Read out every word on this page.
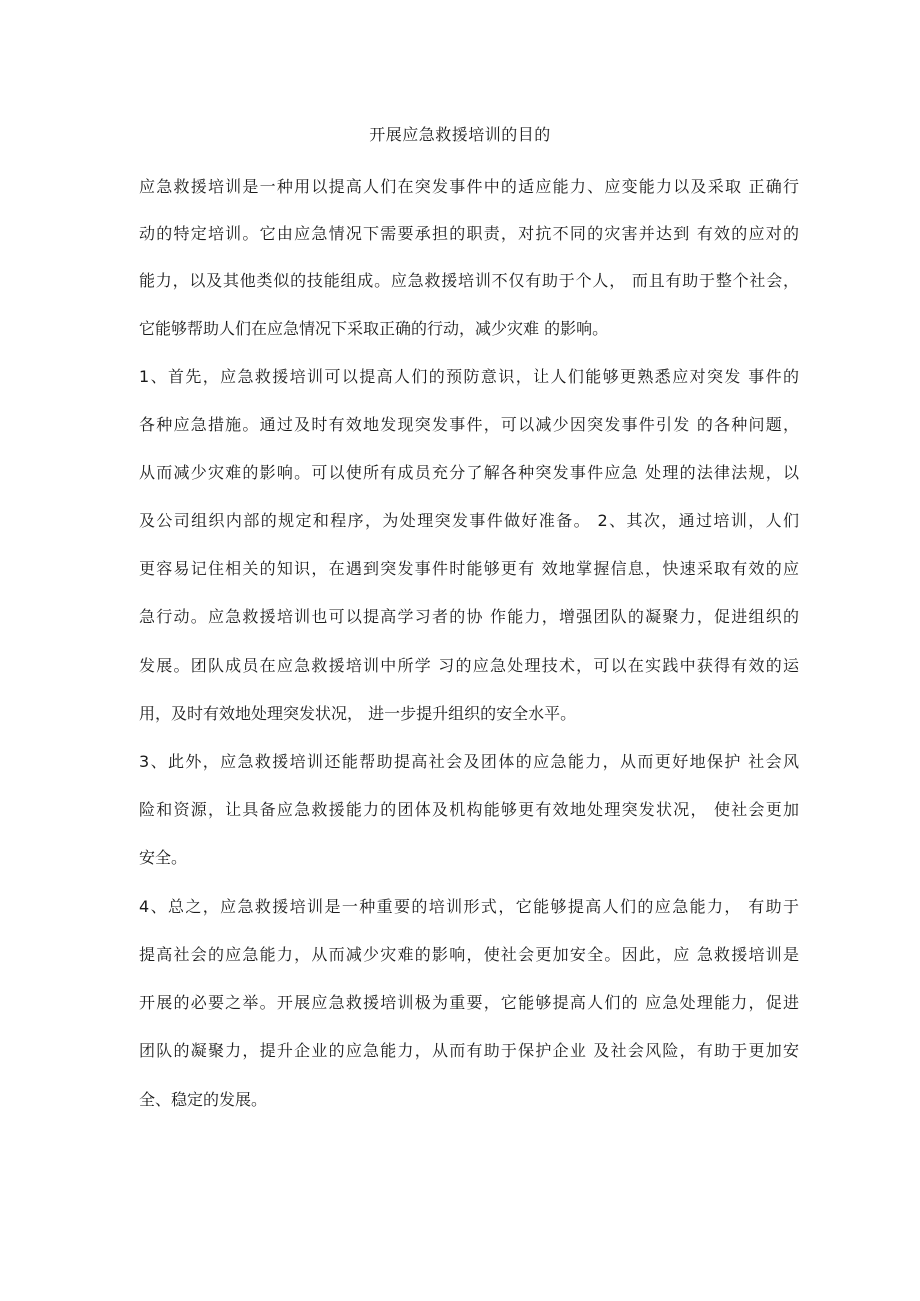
开展应急救援培训的目的
应急救援培训是一种用以提高人们在突发事件中的适应能力、应变能力以及采取 正确行
动的特定培训。它由应急情况下需要承担的职责，对抗不同的灾害并达到 有效的应对的
能力，以及其他类似的技能组成。应急救援培训不仅有助于个人， 而且有助于整个社会，
它能够帮助人们在应急情况下采取正确的行动，减少灾难 的影响。
1、首先，应急救援培训可以提高人们的预防意识，让人们能够更熟悉应对突发 事件的
各种应急措施。通过及时有效地发现突发事件，可以减少因突发事件引发 的各种问题，
从而减少灾难的影响。可以使所有成员充分了解各种突发事件应急 处理的法律法规，以
及公司组织内部的规定和程序，为处理突发事件做好准备。 2、其次，通过培训，人们
更容易记住相关的知识，在遇到突发事件时能够更有 效地掌握信息，快速采取有效的应
急行动。应急救援培训也可以提高学习者的协 作能力，增强团队的凝聚力，促进组织的
发展。团队成员在应急救援培训中所学 习的应急处理技术，可以在实践中获得有效的运
用，及时有效地处理突发状况， 进一步提升组织的安全水平。
3、此外，应急救援培训还能帮助提高社会及团体的应急能力，从而更好地保护 社会风
险和资源，让具备应急救援能力的团体及机构能够更有效地处理突发状况， 使社会更加
安全。
4、总之，应急救援培训是一种重要的培训形式，它能够提高人们的应急能力， 有助于
提高社会的应急能力，从而减少灾难的影响，使社会更加安全。因此，应 急救援培训是
开展的必要之举。开展应急救援培训极为重要，它能够提高人们的 应急处理能力，促进
团队的凝聚力，提升企业的应急能力，从而有助于保护企业 及社会风险，有助于更加安
全、稳定的发展。
